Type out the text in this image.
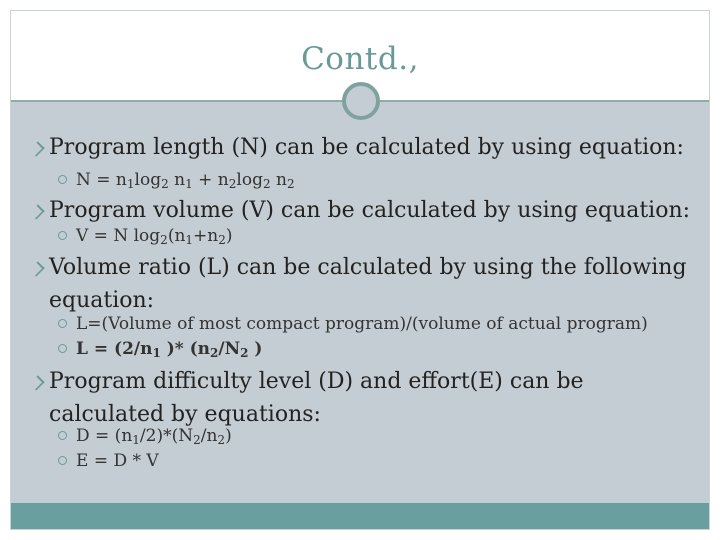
Contd.,
Program length (N) can be calculated by using equation:
$N = n_1\log_2$ $n_1 + n_2\log_2$ $n_2$
Program volume (V) can be calculated by using equation:
V = N $\log_2(n_1+n_2)$
Volume ratio (L) can be calculated by using the following
equation:
L=(Volume of most compact program)/(volume of actual program)
$L = (2/n_1$ )* ($n_2/N_2$ )
Program difficulty level (D) and effort(E) can be
calculated by equations:
$D = (n_1/2)*(N_2/n_2)$
E = D * V
